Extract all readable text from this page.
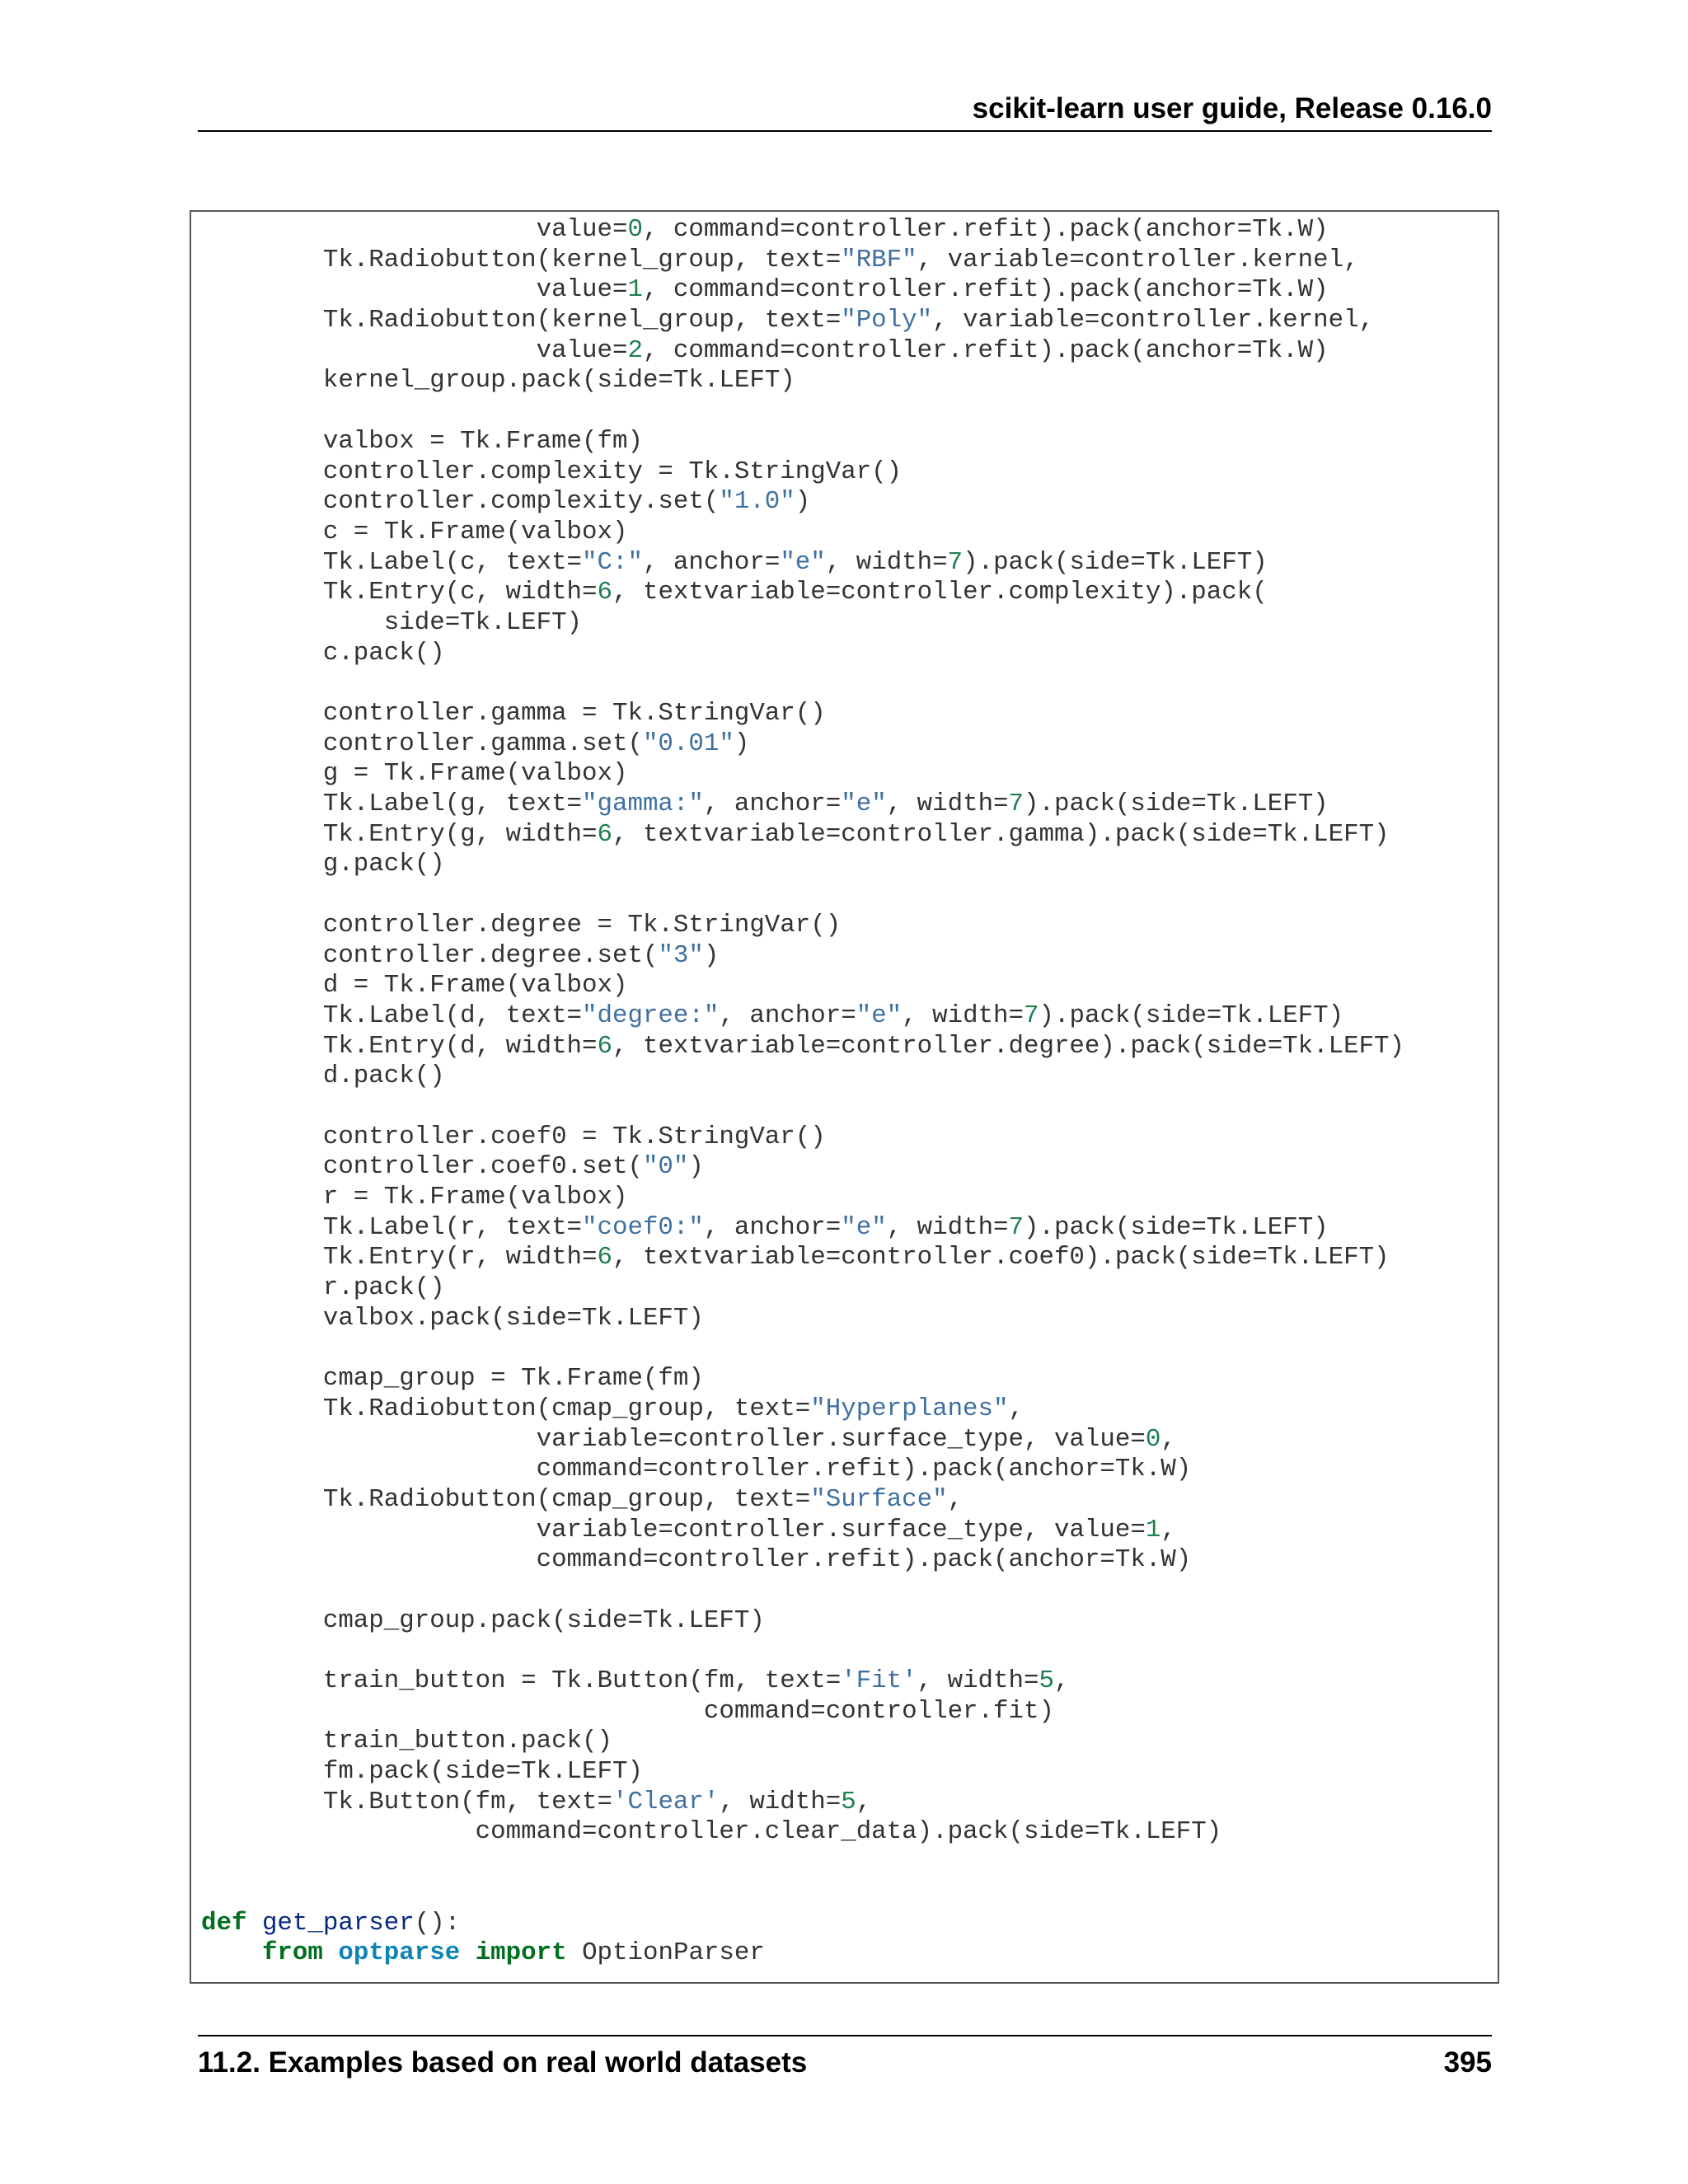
scikit-learn user guide, Release 0.16.0
value=0, command=controller.refit).pack(anchor=Tk.W)
Tk.Radiobutton(kernel_group, text="RBF", variable=controller.kernel,
value=1, command=controller.refit).pack(anchor=Tk.W)
Tk.Radiobutton(kernel_group, text="Poly", variable=controller.kernel,
value=2, command=controller.refit).pack(anchor=Tk.W)
kernel_group.pack(side=Tk.LEFT)

valbox = Tk.Frame(fm)
controller.complexity = Tk.StringVar()
controller.complexity.set("1.0")
c = Tk.Frame(valbox)
Tk.Label(c, text="C:", anchor="e", width=7).pack(side=Tk.LEFT)
Tk.Entry(c, width=6, textvariable=controller.complexity).pack(
side=Tk.LEFT)
c.pack()

controller.gamma = Tk.StringVar()
controller.gamma.set("0.01")
g = Tk.Frame(valbox)
Tk.Label(g, text="gamma:", anchor="e", width=7).pack(side=Tk.LEFT)
Tk.Entry(g, width=6, textvariable=controller.gamma).pack(side=Tk.LEFT)
g.pack()

controller.degree = Tk.StringVar()
controller.degree.set("3")
d = Tk.Frame(valbox)
Tk.Label(d, text="degree:", anchor="e", width=7).pack(side=Tk.LEFT)
Tk.Entry(d, width=6, textvariable=controller.degree).pack(side=Tk.LEFT)
d.pack()

controller.coef0 = Tk.StringVar()
controller.coef0.set("0")
r = Tk.Frame(valbox)
Tk.Label(r, text="coef0:", anchor="e", width=7).pack(side=Tk.LEFT)
Tk.Entry(r, width=6, textvariable=controller.coef0).pack(side=Tk.LEFT)
r.pack()
valbox.pack(side=Tk.LEFT)

cmap_group = Tk.Frame(fm)
Tk.Radiobutton(cmap_group, text="Hyperplanes",
variable=controller.surface_type, value=0,
command=controller.refit).pack(anchor=Tk.W)
Tk.Radiobutton(cmap_group, text="Surface",
variable=controller.surface_type, value=1,
command=controller.refit).pack(anchor=Tk.W)

cmap_group.pack(side=Tk.LEFT)

train_button = Tk.Button(fm, text='Fit', width=5,
command=controller.fit)
train_button.pack()
fm.pack(side=Tk.LEFT)
Tk.Button(fm, text='Clear', width=5,
command=controller.clear_data).pack(side=Tk.LEFT)

def get_parser():
from optparse import OptionParser
11.2. Examples based on real world datasets	395
